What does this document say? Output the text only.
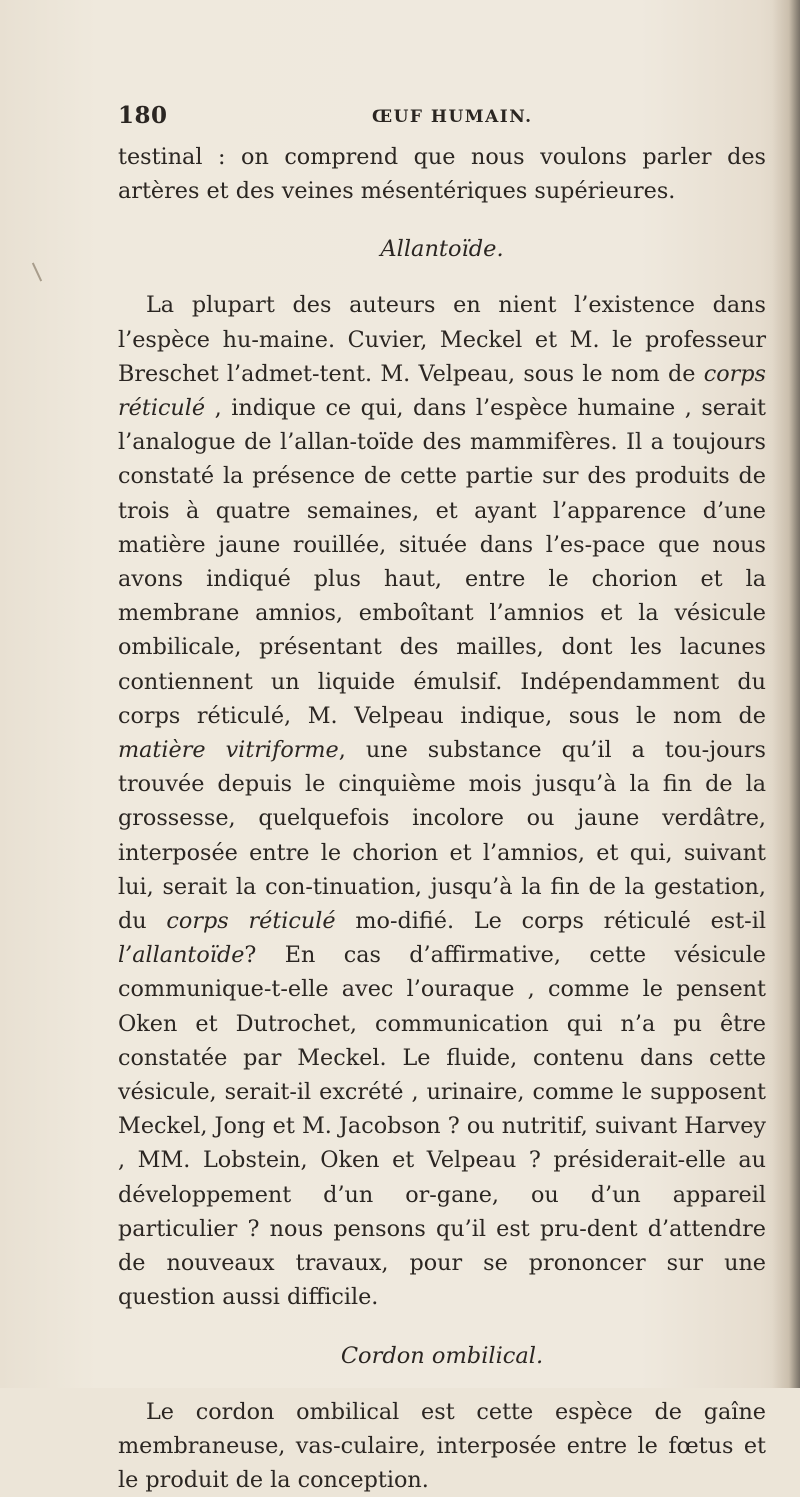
180	ŒUF HUMAIN.

testinal : on comprend que nous voulons parler des artères et des veines mésentériques supérieures.

Allantoïde.

La plupart des auteurs en nient l’existence dans l’espèce hu-maine. Cuvier, Meckel et M. le professeur Breschet l’admet-tent. M. Velpeau, sous le nom de corps réticulé , indique ce qui, dans l’espèce humaine , serait l’analogue de l’allan-toïde des mammifères. Il a toujours constaté la présence de cette partie sur des produits de trois à quatre semaines, et ayant l’apparence d’une matière jaune rouillée, située dans l’es-pace que nous avons indiqué plus haut, entre le chorion et la membrane amnios, emboîtant l’amnios et la vésicule ombilicale, présentant des mailles, dont les lacunes contiennent un liquide émulsif. Indépendamment du corps réticulé, M. Velpeau indique, sous le nom de matière vitriforme, une substance qu’il a tou-jours trouvée depuis le cinquième mois jusqu’à la fin de la grossesse, quelquefois incolore ou jaune verdâtre, interposée entre le chorion et l’amnios, et qui, suivant lui, serait la con-tinuation, jusqu’à la fin de la gestation, du corps réticulé mo-difié. Le corps réticulé est-il l’allantoïde? En cas d’affirmative, cette vésicule communique-t-elle avec l’ouraque , comme le pensent Oken et Dutrochet, communication qui n’a pu être constatée par Meckel. Le fluide, contenu dans cette vésicule, serait-il excrété , urinaire, comme le supposent Meckel, Jong et M. Jacobson ? ou nutritif, suivant Harvey , MM. Lobstein, Oken et Velpeau ? présiderait-elle au développement d’un or-gane, ou d’un appareil particulier ? nous pensons qu’il est pru-dent d’attendre de nouveaux travaux, pour se prononcer sur une question aussi difficile.

Cordon ombilical.

Le cordon ombilical est cette espèce de gaîne membraneuse, vas-culaire, interposée entre le fœtus et le produit de la conception.
